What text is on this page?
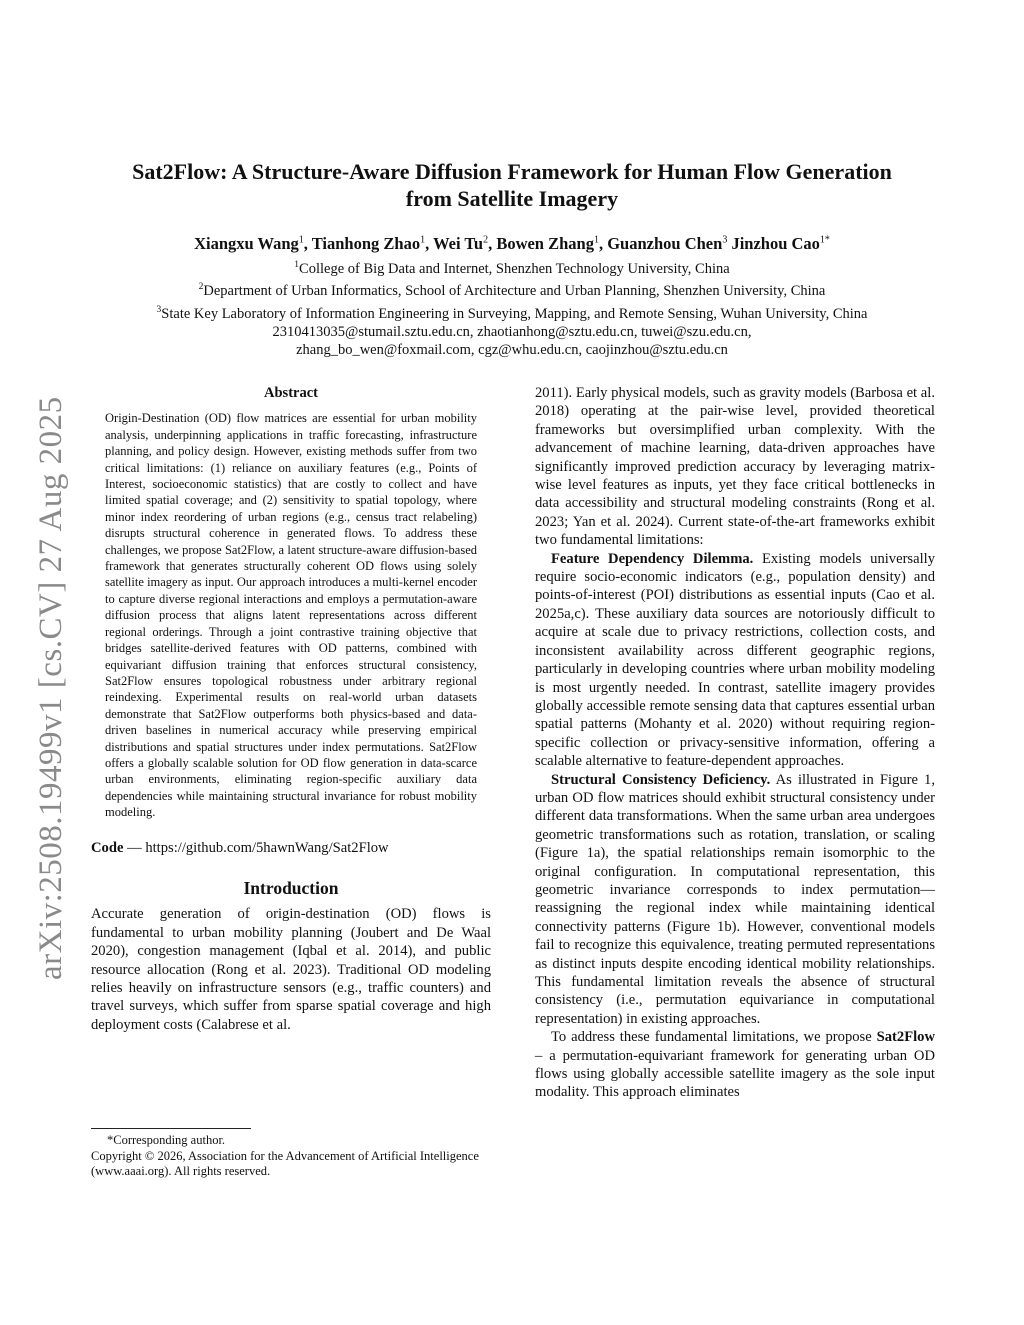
arXiv:2508.19499v1 [cs.CV] 27 Aug 2025
Sat2Flow: A Structure-Aware Diffusion Framework for Human Flow Generation
from Satellite Imagery
Xiangxu Wang$^1$, Tianhong Zhao$^1$, Wei Tu$^2$, Bowen Zhang$^1$, Guanzhou Chen$^3$ Jinzhou Cao$^{1*}$
$^1$College of Big Data and Internet, Shenzhen Technology University, China
$^2$Department of Urban Informatics, School of Architecture and Urban Planning, Shenzhen University, China
$^3$State Key Laboratory of Information Engineering in Surveying, Mapping, and Remote Sensing, Wuhan University, China
2310413035@stumail.sztu.edu.cn, zhaotianhong@sztu.edu.cn, tuwei@szu.edu.cn,
zhang_bo_wen@foxmail.com, cgz@whu.edu.cn, caojinzhou@sztu.edu.cn
Abstract

Origin-Destination (OD) flow matrices are essential for urban mobility analysis, underpinning applications in traffic forecasting, infrastructure planning, and policy design. However, existing methods suffer from two critical limitations: (1) reliance on auxiliary features (e.g., Points of Interest, socioeconomic statistics) that are costly to collect and have limited spatial coverage; and (2) sensitivity to spatial topology, where minor index reordering of urban regions (e.g., census tract relabeling) disrupts structural coherence in generated flows. To address these challenges, we propose Sat2Flow, a latent structure-aware diffusion-based framework that generates structurally coherent OD flows using solely satellite imagery as input. Our approach introduces a multi-kernel encoder to capture diverse regional interactions and employs a permutation-aware diffusion process that aligns latent representations across different regional orderings. Through a joint contrastive training objective that bridges satellite-derived features with OD patterns, combined with equivariant diffusion training that enforces structural consistency, Sat2Flow ensures topological robustness under arbitrary regional reindexing. Experimental results on real-world urban datasets demonstrate that Sat2Flow outperforms both physics-based and data-driven baselines in numerical accuracy while preserving empirical distributions and spatial structures under index permutations. Sat2Flow offers a globally scalable solution for OD flow generation in data-scarce urban environments, eliminating region-specific auxiliary data dependencies while maintaining structural invariance for robust mobility modeling.

Code — https://github.com/5hawnWang/Sat2Flow
Introduction

Accurate generation of origin-destination (OD) flows is fundamental to urban mobility planning (Joubert and De Waal 2020), congestion management (Iqbal et al. 2014), and public resource allocation (Rong et al. 2023). Traditional OD modeling relies heavily on infrastructure sensors (e.g., traffic counters) and travel surveys, which suffer from sparse spatial coverage and high deployment costs (Calabrese et al.

*Corresponding author.
Copyright © 2026, Association for the Advancement of Artificial Intelligence (www.aaai.org). All rights reserved.

2011). Early physical models, such as gravity models (Barbosa et al. 2018) operating at the pair-wise level, provided theoretical frameworks but oversimplified urban complexity. With the advancement of machine learning, data-driven approaches have significantly improved prediction accuracy by leveraging matrix-wise level features as inputs, yet they face critical bottlenecks in data accessibility and structural modeling constraints (Rong et al. 2023; Yan et al. 2024). Current state-of-the-art frameworks exhibit two fundamental limitations:

Feature Dependency Dilemma. Existing models universally require socio-economic indicators (e.g., population density) and points-of-interest (POI) distributions as essential inputs (Cao et al. 2025a,c). These auxiliary data sources are notoriously difficult to acquire at scale due to privacy restrictions, collection costs, and inconsistent availability across different geographic regions, particularly in developing countries where urban mobility modeling is most urgently needed. In contrast, satellite imagery provides globally accessible remote sensing data that captures essential urban spatial patterns (Mohanty et al. 2020) without requiring region-specific collection or privacy-sensitive information, offering a scalable alternative to feature-dependent approaches.

Structural Consistency Deficiency. As illustrated in Figure 1, urban OD flow matrices should exhibit structural consistency under different data transformations. When the same urban area undergoes geometric transformations such as rotation, translation, or scaling (Figure 1a), the spatial relationships remain isomorphic to the original configuration. In computational representation, this geometric invariance corresponds to index permutation—reassigning the regional index while maintaining identical connectivity patterns (Figure 1b). However, conventional models fail to recognize this equivalence, treating permuted representations as distinct inputs despite encoding identical mobility relationships. This fundamental limitation reveals the absence of structural consistency (i.e., permutation equivariance in computational representation) in existing approaches.

To address these fundamental limitations, we propose Sat2Flow – a permutation-equivariant framework for generating urban OD flows using globally accessible satellite imagery as the sole input modality. This approach eliminates
